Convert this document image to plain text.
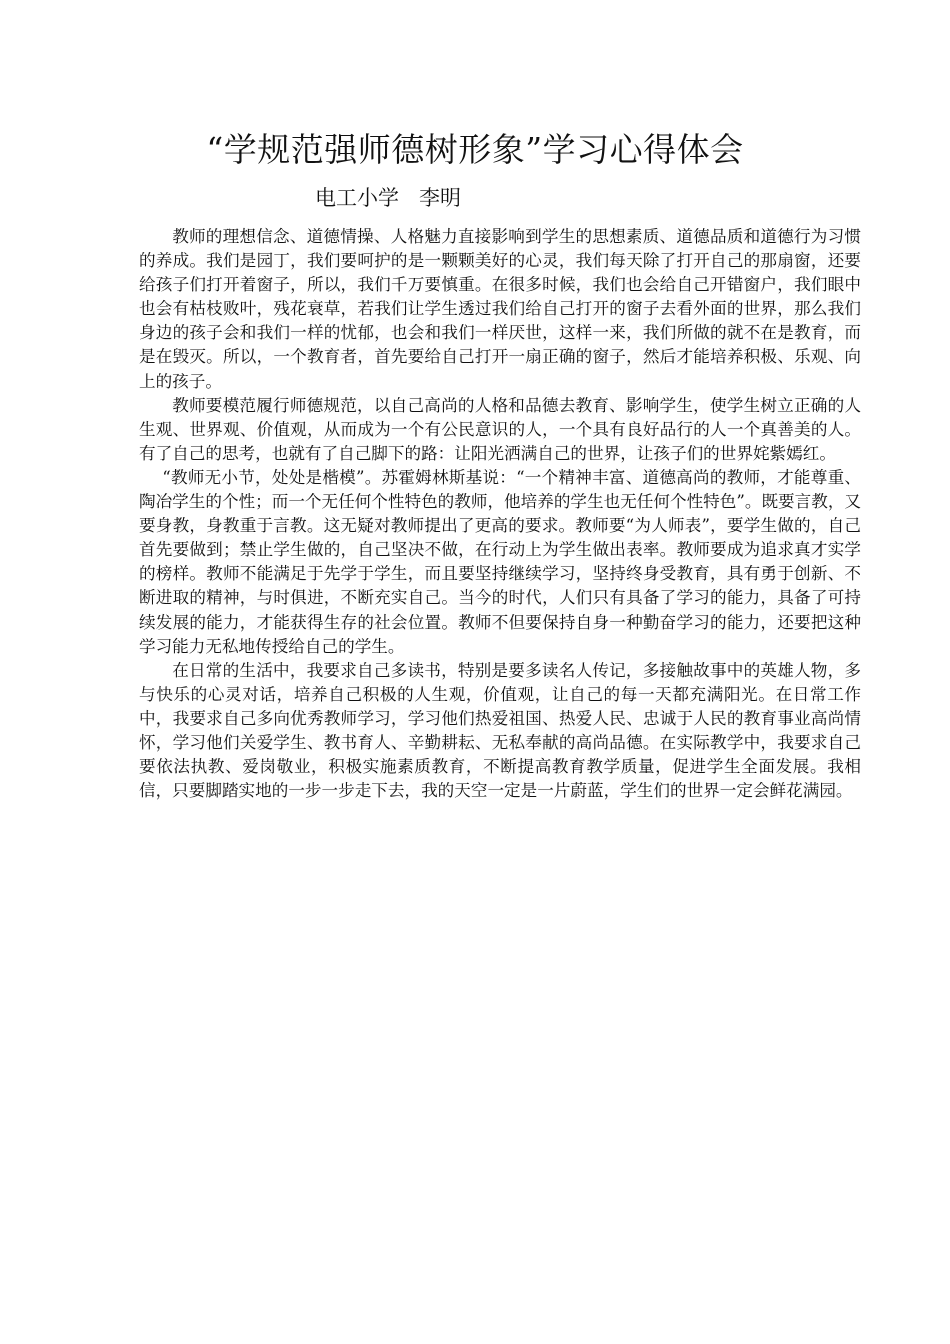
“学规范强师德树形象”学习心得体会
电工小学   李明

教师的理想信念、道德情操、人格魅力直接影响到学生的思想素质、道德品质和道德行为习惯的养成。我们是园丁，我们要呵护的是一颗颗美好的心灵，我们每天除了打开自己的那扇窗，还要给孩子们打开着窗子，所以，我们千万要慎重。在很多时候，我们也会给自己开错窗户，我们眼中也会有枯枝败叶，残花衰草，若我们让学生透过我们给自己打开的窗子去看外面的世界，那么我们身边的孩子会和我们一样的忧郁，也会和我们一样厌世，这样一来，我们所做的就不在是教育，而是在毁灭。所以，一个教育者，首先要给自己打开一扇正确的窗子，然后才能培养积极、乐观、向上的孩子。

教师要模范履行师德规范，以自己高尚的人格和品德去教育、影响学生，使学生树立正确的人生观、世界观、价值观，从而成为一个有公民意识的人，一个具有良好品行的人一个真善美的人。有了自己的思考，也就有了自己脚下的路：让阳光洒满自己的世界，让孩子们的世界姹紫嫣红。

“教师无小节，处处是楷模”。苏霍姆林斯基说：“一个精神丰富、道德高尚的教师，才能尊重、陶冶学生的个性；而一个无任何个性特色的教师，他培养的学生也无任何个性特色”。既要言教，又要身教，身教重于言教。这无疑对教师提出了更高的要求。教师要“为人师表”，要学生做的，自己首先要做到；禁止学生做的，自己坚决不做，在行动上为学生做出表率。教师要成为追求真才实学的榜样。教师不能满足于先学于学生，而且要坚持继续学习，坚持终身受教育，具有勇于创新、不断进取的精神，与时俱进，不断充实自己。当今的时代，人们只有具备了学习的能力，具备了可持续发展的能力，才能获得生存的社会位置。教师不但要保持自身一种勤奋学习的能力，还要把这种学习能力无私地传授给自己的学生。

在日常的生活中，我要求自己多读书，特别是要多读名人传记，多接触故事中的英雄人物，多与快乐的心灵对话，培养自己积极的人生观，价值观，让自己的每一天都充满阳光。在日常工作中，我要求自己多向优秀教师学习，学习他们热爱祖国、热爱人民、忠诚于人民的教育事业高尚情怀，学习他们关爱学生、教书育人、辛勤耕耘、无私奉献的高尚品德。在实际教学中，我要求自己要依法执教、爱岗敬业，积极实施素质教育，不断提高教育教学质量，促进学生全面发展。我相信，只要脚踏实地的一步一步走下去，我的天空一定是一片蔚蓝，学生们的世界一定会鲜花满园。
